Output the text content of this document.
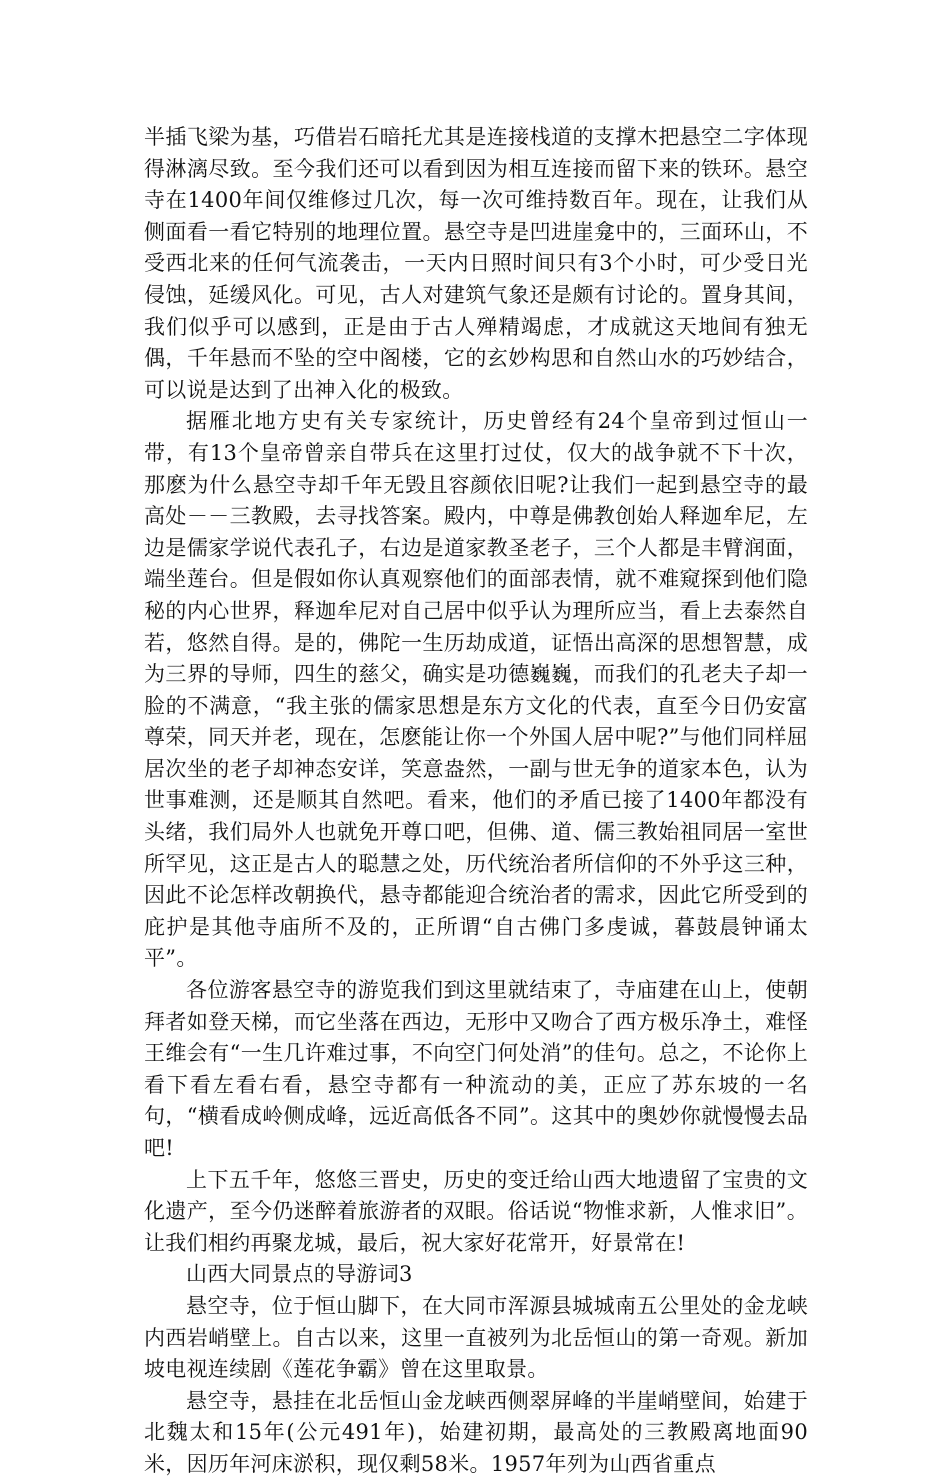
半插飞梁为基，巧借岩石暗托尤其是连接栈道的支撑木把悬空二字体现得淋漓尽致。至今我们还可以看到因为相互连接而留下来的铁环。悬空寺在1400年间仅维修过几次，每一次可维持数百年。现在，让我们从侧面看一看它特别的地理位置。悬空寺是凹进崖龛中的，三面环山，不受西北来的任何气流袭击，一天内日照时间只有3个小时，可少受日光侵蚀，延缓风化。可见，古人对建筑气象还是颇有讨论的。置身其间，我们似乎可以感到，正是由于古人殚精竭虑，才成就这天地间有独无偶，千年悬而不坠的空中阁楼，它的玄妙构思和自然山水的巧妙结合，可以说是达到了出神入化的极致。

据雁北地方史有关专家统计，历史曾经有24个皇帝到过恒山一带，有13个皇帝曾亲自带兵在这里打过仗，仅大的战争就不下十次，那麽为什么悬空寺却千年无毁且容颜依旧呢?让我们一起到悬空寺的最高处－－三教殿，去寻找答案。殿内，中尊是佛教创始人释迦牟尼，左边是儒家学说代表孔子，右边是道家教圣老子，三个人都是丰臂润面，端坐莲台。但是假如你认真观察他们的面部表情，就不难窥探到他们隐秘的内心世界，释迦牟尼对自己居中似乎认为理所应当，看上去泰然自若，悠然自得。是的，佛陀一生历劫成道，证悟出高深的思想智慧，成为三界的导师，四生的慈父，确实是功德巍巍，而我们的孔老夫子却一脸的不满意，“我主张的儒家思想是东方文化的代表，直至今日仍安富尊荣，同天并老，现在，怎麽能让你一个外国人居中呢?”与他们同样屈居次坐的老子却神态安详，笑意盎然，一副与世无争的道家本色，认为世事难测，还是顺其自然吧。看来，他们的矛盾已接了1400年都没有头绪，我们局外人也就免开尊口吧，但佛、道、儒三教始祖同居一室世所罕见，这正是古人的聪慧之处，历代统治者所信仰的不外乎这三种，因此不论怎样改朝换代，悬寺都能迎合统治者的需求，因此它所受到的庇护是其他寺庙所不及的，正所谓“自古佛门多虔诚，暮鼓晨钟诵太平”。

各位游客悬空寺的游览我们到这里就结束了，寺庙建在山上，使朝拜者如登天梯，而它坐落在西边，无形中又吻合了西方极乐净土，难怪王维会有“一生几许难过事，不向空门何处消”的佳句。总之，不论你上看下看左看右看，悬空寺都有一种流动的美，正应了苏东坡的一名句，“横看成岭侧成峰，远近高低各不同”。这其中的奥妙你就慢慢去品吧!

上下五千年，悠悠三晋史，历史的变迁给山西大地遗留了宝贵的文化遗产，至今仍迷醉着旅游者的双眼。俗话说“物惟求新，人惟求旧”。让我们相约再聚龙城，最后，祝大家好花常开，好景常在!

山西大同景点的导游词3

悬空寺，位于恒山脚下，在大同市浑源县城城南五公里处的金龙峡内西岩峭壁上。自古以来，这里一直被列为北岳恒山的第一奇观。新加坡电视连续剧《莲花争霸》曾在这里取景。

悬空寺，悬挂在北岳恒山金龙峡西侧翠屏峰的半崖峭壁间，始建于北魏太和15年(公元491年)，始建初期，最高处的三教殿离地面90米，因历年河床淤积，现仅剩58米。1957年列为山西省重点
